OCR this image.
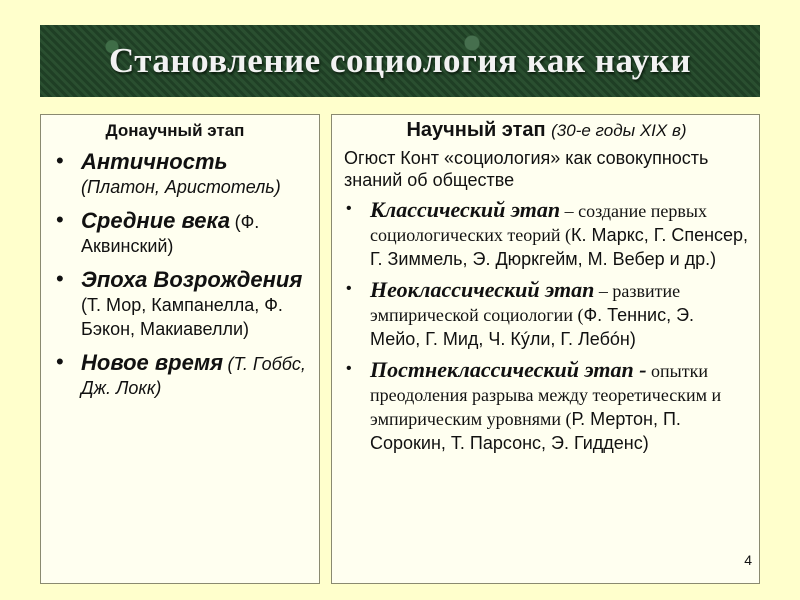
Становление социология как науки
Донаучный этап
• Античность
(Платон, Аристотель)
• Средние века (Ф. Аквинский)
• Эпоха Возрождения (Т. Мор, Кампанелла, Ф. Бэкон, Макиавелли)
• Новое время (Т. Гоббс, Дж. Локк)
Научный этап (30-е годы XIX в)
Огюст Конт «социология» как совокупность знаний об обществе
• Классический этап – создание первых социологических теорий (К. Маркс, Г. Спенсер, Г. Зиммель, Э. Дюркгейм, М. Вебер и др.)
• Неоклассический этап – развитие эмпирической социологии (Ф. Теннис, Э. Мейо, Г. Мид, Ч. Кýли, Г. Лебóн)
• Постнеклассический этап - опытки преодоления разрыва между теоретическим и эмпирическим уровнями (Р. Мертон, П. Сорокин, Т. Парсонс, Э. Гидденс)
4
